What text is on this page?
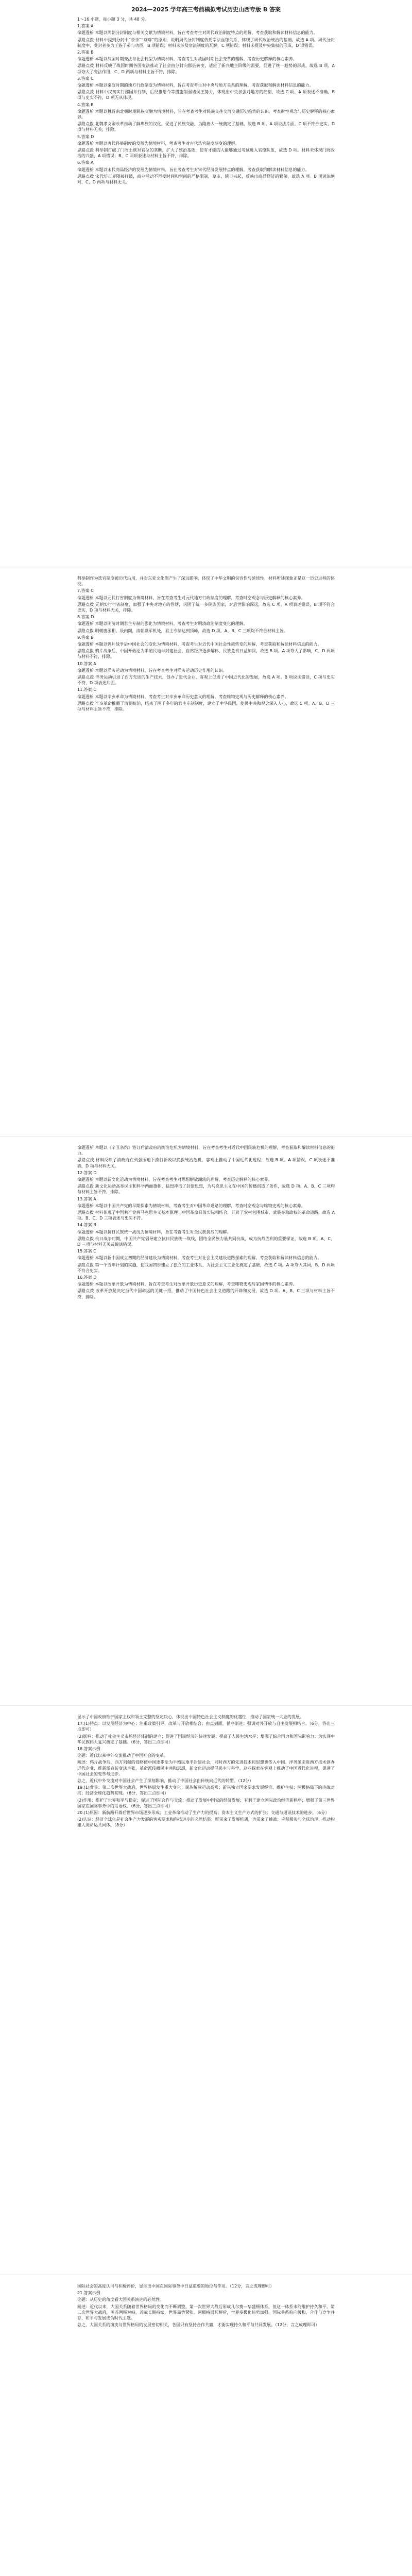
2024—2025 学年高三考前模拟考试历史山西专版 B 答案
1～16 小题，每小题 3 分，共 48 分。
1.答案 A
命题透析 本题以周朝分封制度与相关文献为情境材料，旨在考查考生对周代政治制度特点的理解，考查获取和解读材料信息的能力。
思路点拨 材料中提到分封中“亲亲”“尊尊”的原则，说明周代分封制度依托宗法血缘关系，体现了周代政治统治的基础。故选 A 项。周代分封制度中，受封者多为王族子弟与功臣，B 项错误；材料未涉及宗法制度的瓦解，C 项错误；材料未提及中央集权的形成，D 项错误。
2.答案 B
命题透析 本题以战国时期变法与社会转型为情境材料，考查考生对战国时期社会变革的理解，考查历史解释的核心素养。
思路点拨 材料反映了战国时期各国变法推动了社会由分封向郡县转变，适应了新兴地主阶级的需要，促进了统一趋势的形成，故选 B 项。A 项夸大了变法作用，C、D 两项与材料主旨不符，排除。
3.答案 C
命题透析 本题以秦汉时期的地方行政制度为情境材料，旨在考查考生对中央与地方关系的理解，考查获取和解读材料信息的能力。
思路点拨 材料中汉初实行郡国并行制，后经推恩令等措施削弱诸侯王势力，体现出中央加强对地方的控制，故选 C 项。A 项表述不准确，B 项与史实不符，D 项无从体现。
4.答案 B
命题透析 本题以魏晋南北朝时期民族交融为情境材料，旨在考查考生对民族交往交流交融历史趋势的认识，考查时空观念与历史解释的核心素养。
思路点拨 北魏孝文帝改革推动了鲜卑族的汉化，促进了民族交融，为隋唐大一统奠定了基础，故选 B 项。A 项说法片面，C 项不符合史实，D 项与材料无关，排除。
5.答案 D
命题透析 本题以唐代科举制度的发展为情境材料，考查考生对古代选官制度演变的理解。
思路点拨 科举制打破了门阀士族对官位的垄断，扩大了统治基础，使有才能的人能够通过考试进入官僚队伍，故选 D 项。材料未体现门阀政治的兴盛，A 项错误；B、C 两项表述与材料主旨不符，排除。
6.答案 A
命题透析 本题以宋代商品经济的发展为情境材料，旨在考查考生对宋代经济发展特点的理解，考查获取和解读材料信息的能力。
思路点拨 宋代坊市界限被打破，商业活动不再受时间和空间的严格限制，草市、镇市兴起，反映出商品经济的繁荣，故选 A 项。B 项说法绝对，C、D 两项与材料无关。
科举制作为选官制度被历代沿用，并对东亚文化圈产生了深远影响，体现了中华文明的包容性与延续性，材料所述现象正是这一历史进程的体现。
7.答案 C
命题透析 本题以元代行省制度为情境材料，旨在考查考生对元代地方行政制度的理解，考查时空观念与历史解释的核心素养。
思路点拨 元朝实行行省制度，加强了中央对地方的管辖，巩固了统一多民族国家，对后世影响深远，故选 C 项。A 项表述错误，B 项不符合史实，D 项与材料无关，排除。
8.答案 D
命题透析 本题以明清时期君主专制的强化为情境材料，考查考生对明清政治制度变化的理解。
思路点拨 明朝废丞相、设内阁，清朝设军机处，君主专制达到顶峰，故选 D 项。A、B、C 三项均不符合材料主旨。
9.答案 B
命题透析 本题以鸦片战争后中国社会的变化为情境材料，考查考生对近代中国社会性质转变的理解，考查获取和解读材料信息的能力。
思路点拨 鸦片战争后，中国开始沦为半殖民地半封建社会，自然经济逐步解体，民族危机日益加深，故选 B 项。A 项夸大了影响，C、D 两项与材料不符，排除。
10.答案 A
命题透析 本题以洋务运动为情境材料，旨在考查考生对洋务运动历史作用的认识。
思路点拨 洋务运动引进了西方先进的生产技术，创办了近代企业，客观上促进了中国近代化的发展，故选 A 项。B 项说法错误，C 项与史实不符，D 项表述片面。
11.答案 C
命题透析 本题以辛亥革命为情境材料，考查考生对辛亥革命历史意义的理解，考查唯物史观与历史解释的核心素养。
思路点拨 辛亥革命推翻了清朝统治，结束了两千多年的君主专制制度，建立了中华民国，使民主共和观念深入人心，故选 C 项。A、B、D 三项与材料主旨不符，排除。
命题透析 本题以《辛丑条约》签订后清政府的统治危机为情境材料，旨在考查考生对近代中国民族危机的理解，考查获取和解读材料信息的能力。
思路点拨 材料反映了清政府在列强压迫下推行新政以挽救统治危机，客观上推动了中国近代化进程，故选 B 项。A 项错误，C 项表述不准确，D 项与材料无关。
12.答案 D
命题透析 本题以新文化运动为情境材料，旨在考查考生对思想解放潮流的理解，考查历史解释的核心素养。
思路点拨 新文化运动高举民主和科学两面旗帜，猛烈冲击了封建思想，为马克思主义在中国的传播创造了条件，故选 D 项。A、B、C 三项均与材料主旨不符，排除。
13.答案 A
命题透析 本题以中国共产党的早期探索为情境材料，考查考生对中国革命道路的理解，考查时空观念与唯物史观的核心素养。
思路点拨 材料体现了中国共产党将马克思主义基本原理与中国革命具体实际相结合，开辟了农村包围城市、武装夺取政权的革命道路，故选 A 项。B、C、D 三项表述与史实不符。
14.答案 B
命题透析 本题以抗日民族统一战线为情境材料，旨在考查考生对全民族抗战的理解。
思路点拨 抗日战争时期，中国共产党倡导建立抗日民族统一战线，团结全民族力量共同抗战，成为抗战胜利的重要保证，故选 B 项。A、C、D 三项与材料无关或说法错误。
15.答案 C
命题透析 本题以新中国成立初期的经济建设为情境材料，考查考生对社会主义建设道路探索的理解，考查获取和解读材料信息的能力。
思路点拨 第一个五年计划的实施，使我国初步建立了独立的工业体系，为社会主义工业化奠定了基础，故选 C 项。A 项夸大其词，B、D 两项不符合史实。
16.答案 D
命题透析 本题以改革开放为情境材料，旨在考查考生对改革开放历史意义的理解，考查唯物史观与家国情怀的核心素养。
思路点拨 改革开放是决定当代中国命运的关键一招，推动了中国特色社会主义道路的开辟和发展，故选 D 项。A、B、C 三项与材料主旨不符，排除。
显示了中国政府维护国家主权和领土完整的坚定决心，体现出中国特色社会主义制度的优越性，推动了国家统一大业的发展。
17.(1)特点：以发展经济为中心；注重政策引导，改革与开放相结合；由点到面，循序渐进；强调对外开放与自主发展相结合。（6分，答出三点即可）
(2)影响：推动了社会主义市场经济体制的建立；促进了国民经济的快速发展；提高了人民生活水平；增强了综合国力和国际影响力；为实现中华民族伟大复兴奠定了基础。（6分，答出三点即可）
18.答案示例
论题：近代以来中外交流推动了中国社会的变革。
阐述：鸦片战争后，西方列强的侵略使中国逐步沦为半殖民地半封建社会，同时西方的先进技术和思想也传入中国。洋务派引进西方技术创办近代企业，维新派宣传变法主张，革命派传播民主共和思想，新文化运动提倡民主与科学。这些探索在客观上推动了中国近代化进程，促进了中国社会的变革与进步。
总之，近代中外交流对中国社会产生了深刻影响，推动了中国社会由传统向近代的转型。（12分）
19.(1)背景：第二次世界大战后，世界格局发生重大变化；民族解放运动高涨；新兴独立国家要求发展经济、维护主权；两极格局下的冷战对抗；经济全球化趋势初现。（6分，答出三点即可）
(2)作用：维护了世界和平与稳定；促进了国际合作与交流；推动了发展中国家的经济发展；有利于建立国际政治经济新秩序；增强了第三世界国家在国际事务中的话语权。（6分，答出三点即可）
20.(1)原因：新航路开辟后世界市场逐步形成；工业革命推动了生产力的提高；资本主义生产方式的扩张；交通与通讯技术的进步。（6分）
(2)认识：经济全球化是社会生产力发展的客观要求和科技进步的必然结果；既带来了发展机遇，也带来了挑战；应积极参与全球治理，推动构建人类命运共同体。（8分）
国际社会的高度认可与积极评价，显示出中国在国际事务中日益重要的地位与作用。（12分，言之成理即可）
21.答案示例
论题：从历史的角度看大国关系演进的必然性。
阐述：近代以来，大国关系随着世界格局的变化而不断调整。第一次世界大战后形成凡尔赛—华盛顿体系，但这一体系未能维护持久和平。第二次世界大战后，美苏两极对峙，冷战长期持续，世界局势紧张。两极格局瓦解后，世界多极化趋势加强，国际关系趋向缓和，合作与竞争并存，和平与发展成为时代主题。
总之，大国关系的演变与世界格局的发展密切相关，各国只有坚持合作共赢，才能实现持久和平与共同发展。（12分，言之成理即可）
